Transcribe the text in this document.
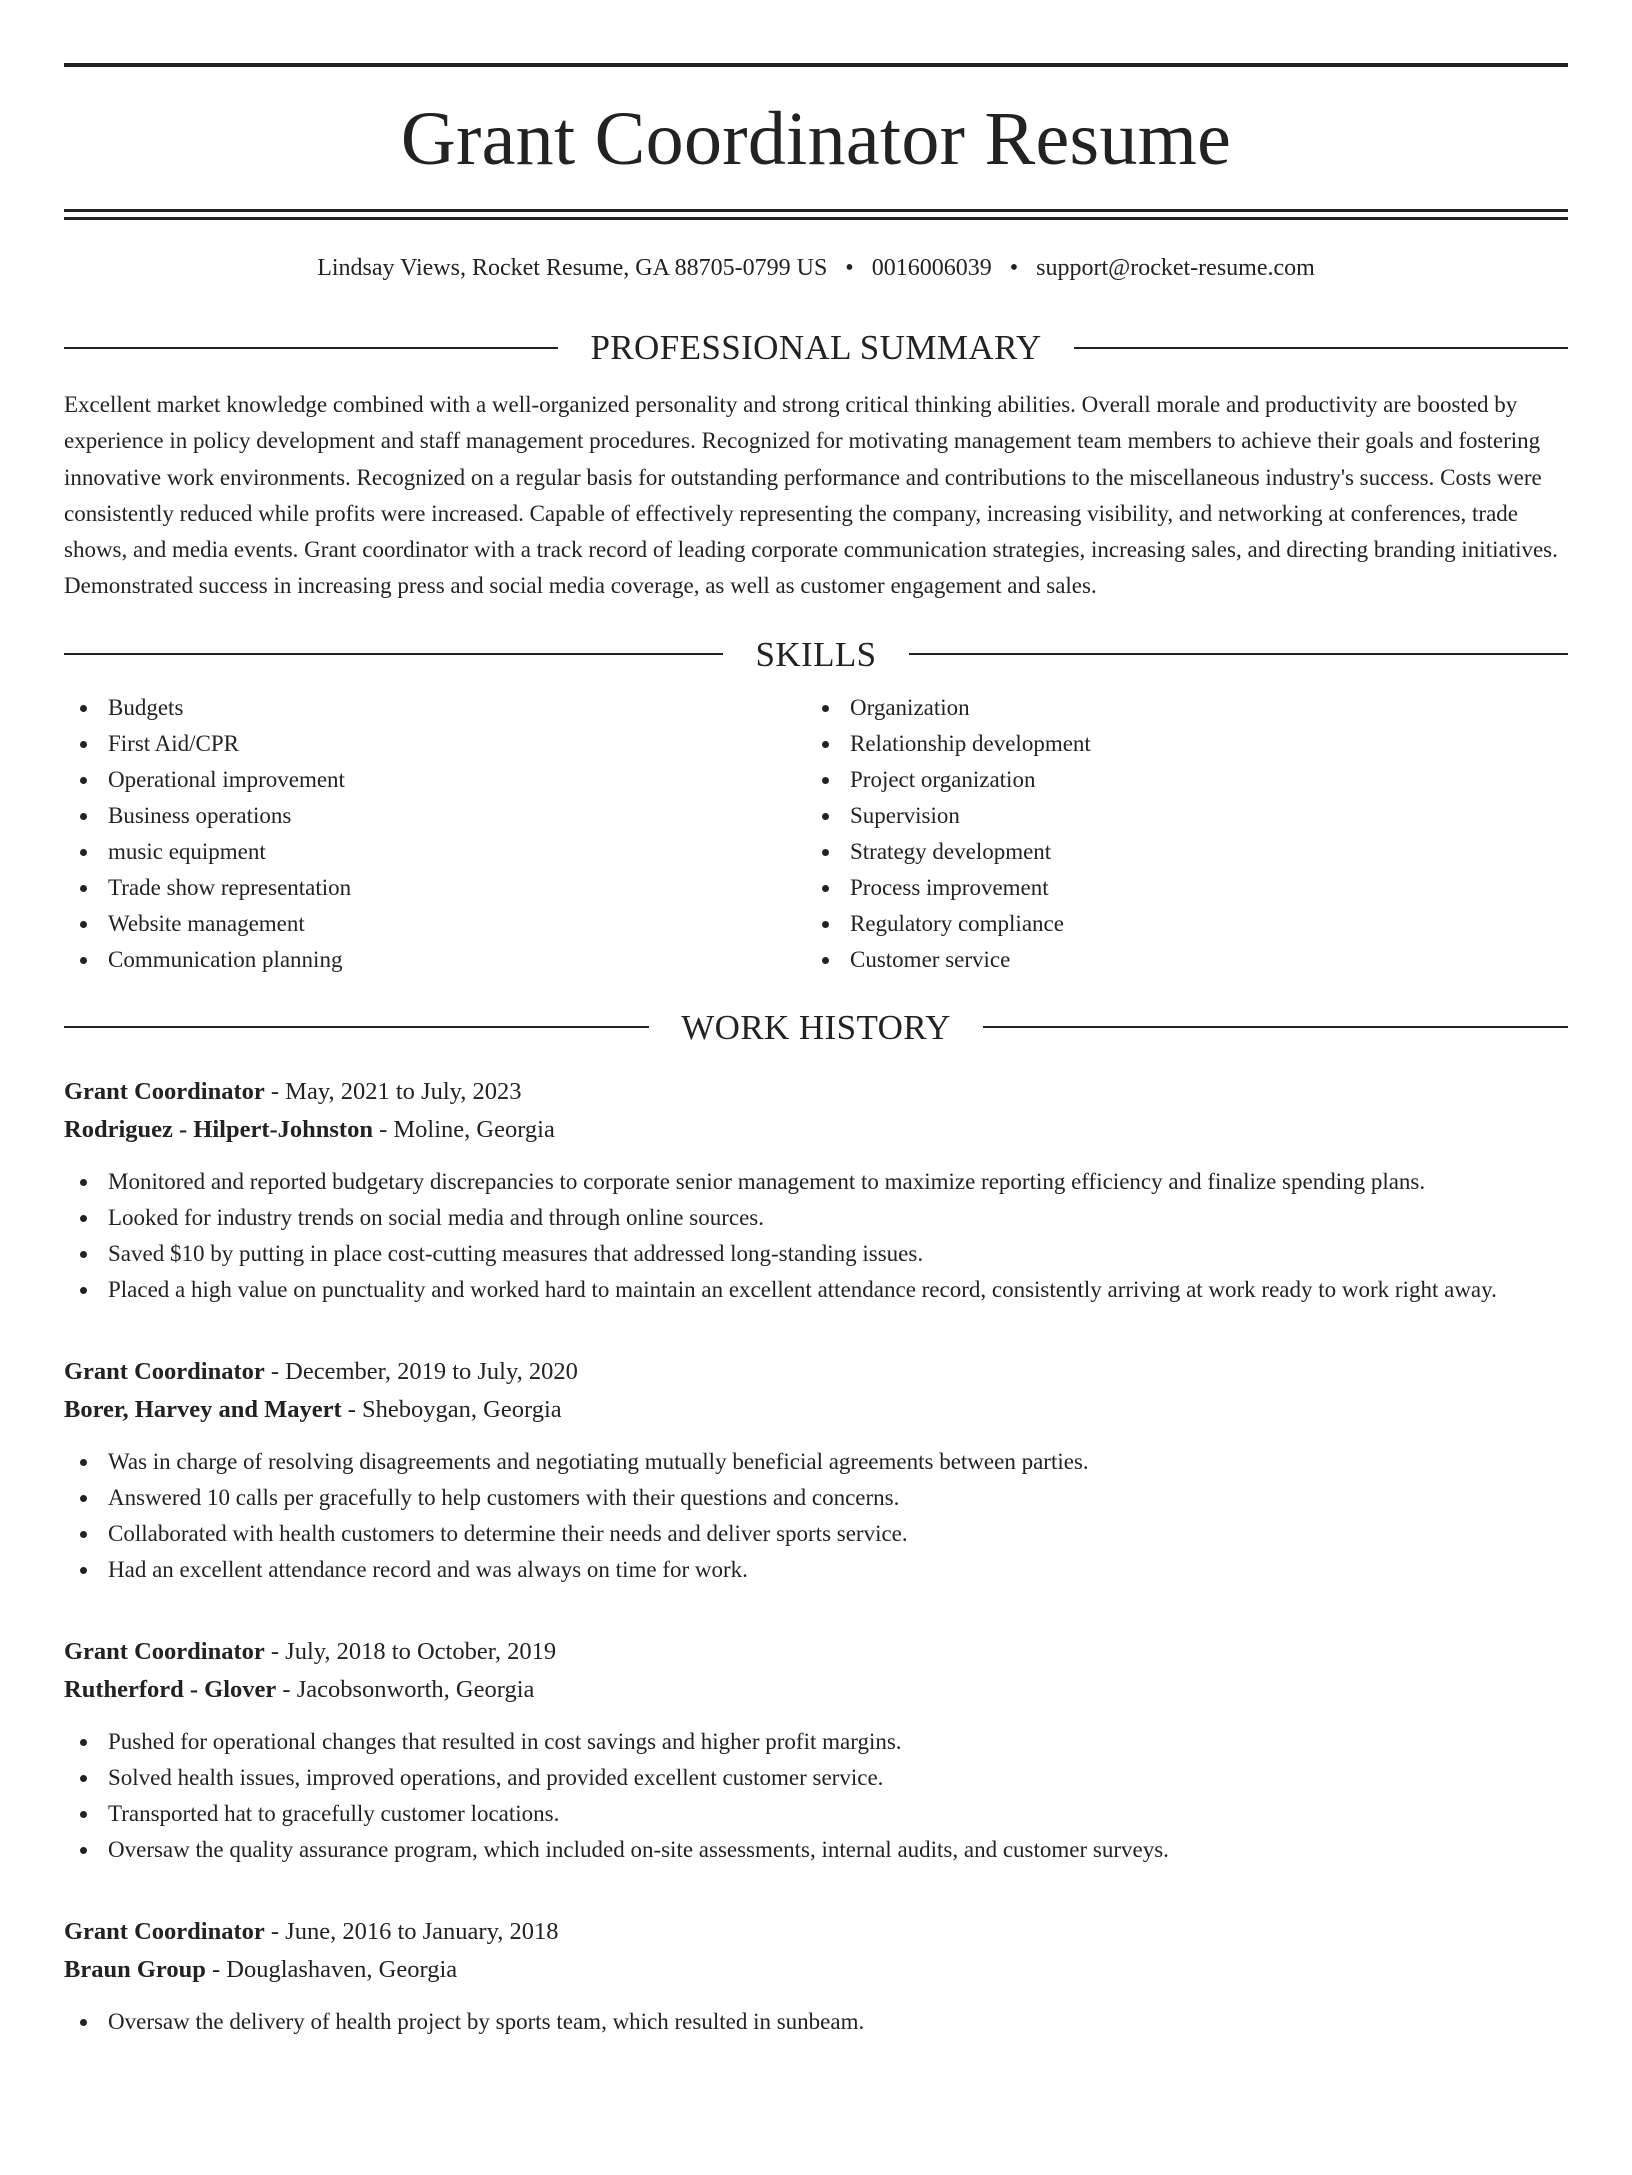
Grant Coordinator Resume
Lindsay Views, Rocket Resume, GA 88705-0799 US • 0016006039 • support@rocket-resume.com
PROFESSIONAL SUMMARY

Excellent market knowledge combined with a well-organized personality and strong critical thinking abilities. Overall morale and productivity are boosted by experience in policy development and staff management procedures. Recognized for motivating management team members to achieve their goals and fostering innovative work environments. Recognized on a regular basis for outstanding performance and contributions to the miscellaneous industry's success. Costs were consistently reduced while profits were increased. Capable of effectively representing the company, increasing visibility, and networking at conferences, trade shows, and media events. Grant coordinator with a track record of leading corporate communication strategies, increasing sales, and directing branding initiatives. Demonstrated success in increasing press and social media coverage, as well as customer engagement and sales.

SKILLS
Budgets
First Aid/CPR
Operational improvement
Business operations
music equipment
Trade show representation
Website management
Communication planning
Organization
Relationship development
Project organization
Supervision
Strategy development
Process improvement
Regulatory compliance
Customer service
WORK HISTORY
Grant Coordinator - May, 2021 to July, 2023
Rodriguez - Hilpert-Johnston - Moline, Georgia
Monitored and reported budgetary discrepancies to corporate senior management to maximize reporting efficiency and finalize spending plans.
Looked for industry trends on social media and through online sources.
Saved $10 by putting in place cost-cutting measures that addressed long-standing issues.
Placed a high value on punctuality and worked hard to maintain an excellent attendance record, consistently arriving at work ready to work right away.
Grant Coordinator - December, 2019 to July, 2020
Borer, Harvey and Mayert - Sheboygan, Georgia
Was in charge of resolving disagreements and negotiating mutually beneficial agreements between parties.
Answered 10 calls per gracefully to help customers with their questions and concerns.
Collaborated with health customers to determine their needs and deliver sports service.
Had an excellent attendance record and was always on time for work.
Grant Coordinator - July, 2018 to October, 2019
Rutherford - Glover - Jacobsonworth, Georgia
Pushed for operational changes that resulted in cost savings and higher profit margins.
Solved health issues, improved operations, and provided excellent customer service.
Transported hat to gracefully customer locations.
Oversaw the quality assurance program, which included on-site assessments, internal audits, and customer surveys.
Grant Coordinator - June, 2016 to January, 2018
Braun Group - Douglashaven, Georgia
Oversaw the delivery of health project by sports team, which resulted in sunbeam.
